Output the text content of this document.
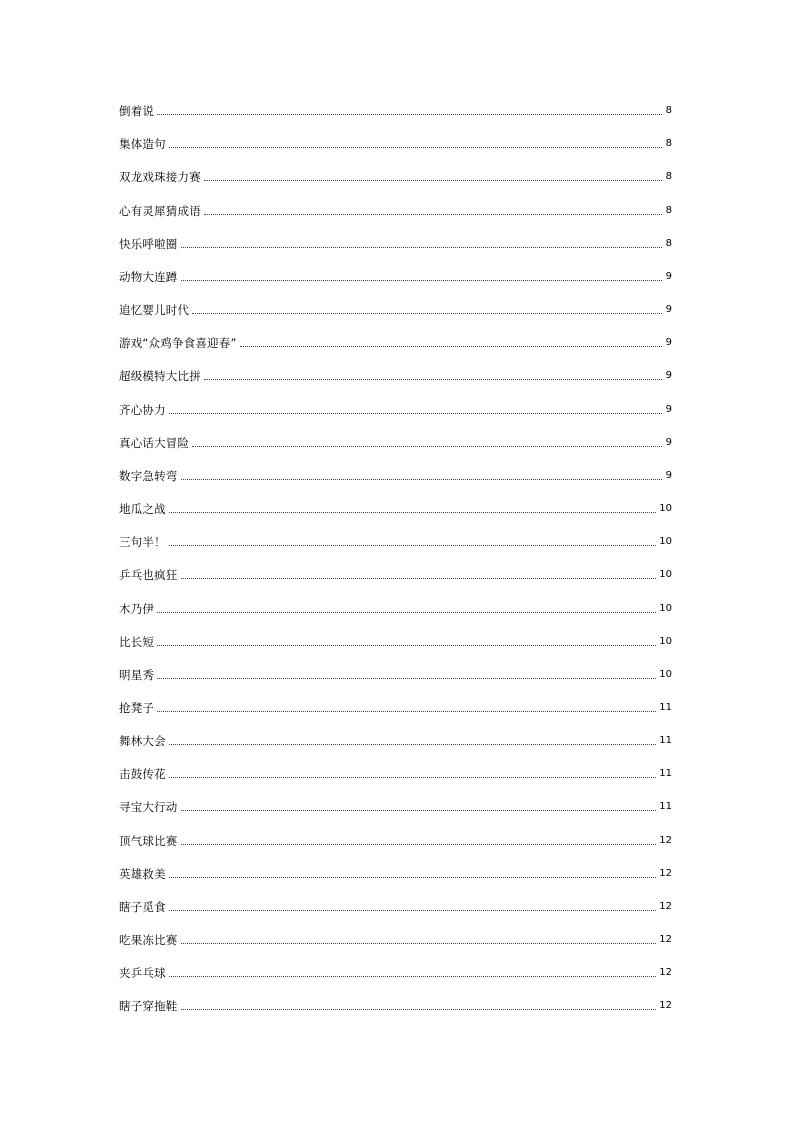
倒着说	8
集体造句	8
双龙戏珠接力赛	8
心有灵犀猜成语	8
快乐呼啦圈	8
动物大连蹲	9
追忆婴儿时代	9
游戏“众鸡争食喜迎春”	9
超级模特大比拼	9
齐心协力	9
真心话大冒险	9
数字急转弯	9
地瓜之战	10
三句半！	10
乒乓也疯狂	10
木乃伊	10
比长短	10
明星秀	10
抢凳子	11
舞林大会	11
击鼓传花	11
寻宝大行动	11
顶气球比赛	12
英雄救美	12
瞎子觅食	12
吃果冻比赛	12
夹乒乓球	12
瞎子穿拖鞋	12
